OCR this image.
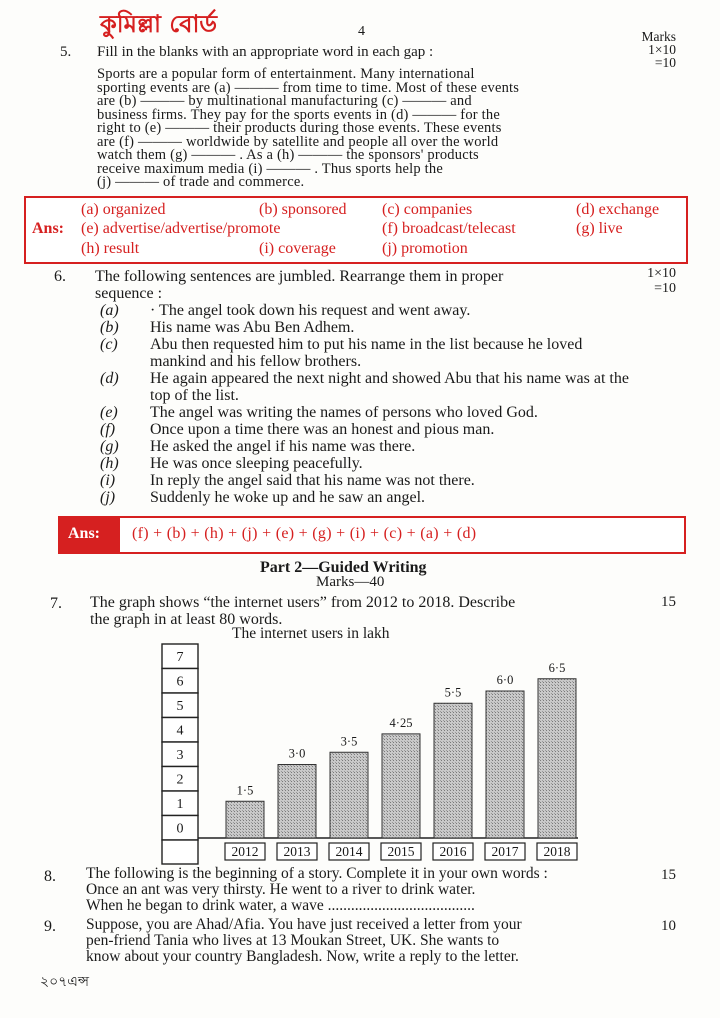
কুমিল্লা বোর্ড	4	Marks
1×10
=10
5. Fill in the blanks with an appropriate word in each gap :
Sports are a popular form of entertainment. Many international
sporting events are (a) ——— from time to time. Most of these events
are (b) ——— by multinational manufacturing (c) ——— and
business firms. They pay for the sports events in (d) ——— for the
right to (e) ——— their products during those events. These events
are (f) ——— worldwide by satellite and people all over the world
watch them (g) ——— . As a (h) ——— the sponsors' products
receive maximum media (i) ——— . Thus sports help the
(j) ——— of trade and commerce.
Ans:
(a) organized	(b) sponsored (c) companies	(d) exchange
(e) advertise/advertise/promote	(f) broadcast/telecast	(g) live
(h) result	(i) coverage	(j) promotion
6. The following sentences are jumbled. Rearrange them in proper
sequence :
1×10
=10
(a) · The angel took down his request and went away.
(b) His name was Abu Ben Adhem.
(c) Abu then requested him to put his name in the list because he loved mankind and his fellow brothers.
(d) He again appeared the next night and showed Abu that his name was at the top of the list.
(e) The angel was writing the names of persons who loved God.
(f) Once upon a time there was an honest and pious man.
(g) He asked the angel if his name was there.
(h) He was once sleeping peacefully.
(i) In reply the angel said that his name was not there.
(j) Suddenly he woke up and he saw an angel.
Ans: (f) + (b) + (h) + (j) + (e) + (g) + (i) + (c) + (a) + (d)
Part 2—Guided Writing
Marks—40
7. The graph shows “the internet users” from 2012 to 2018. Describe
the graph in at least 80 words.
15
The internet users in lakh
7
6
5
4
3
2
1
0
1·5
2012
3·0
2013
3·5
2014
4·25
2015
5·5
2016
6·0
2017
6·5
2018
8. The following is the beginning of a story. Complete it in your own words :
Once an ant was very thirsty. He went to a river to drink water.
When he began to drink water, a wave ......................................
15
9. Suppose, you are Ahad/Afia. You have just received a letter from your
pen-friend Tania who lives at 13 Moukan Street, UK. She wants to
know about your country Bangladesh. Now, write a reply to the letter.
10
২০৭এন্স
